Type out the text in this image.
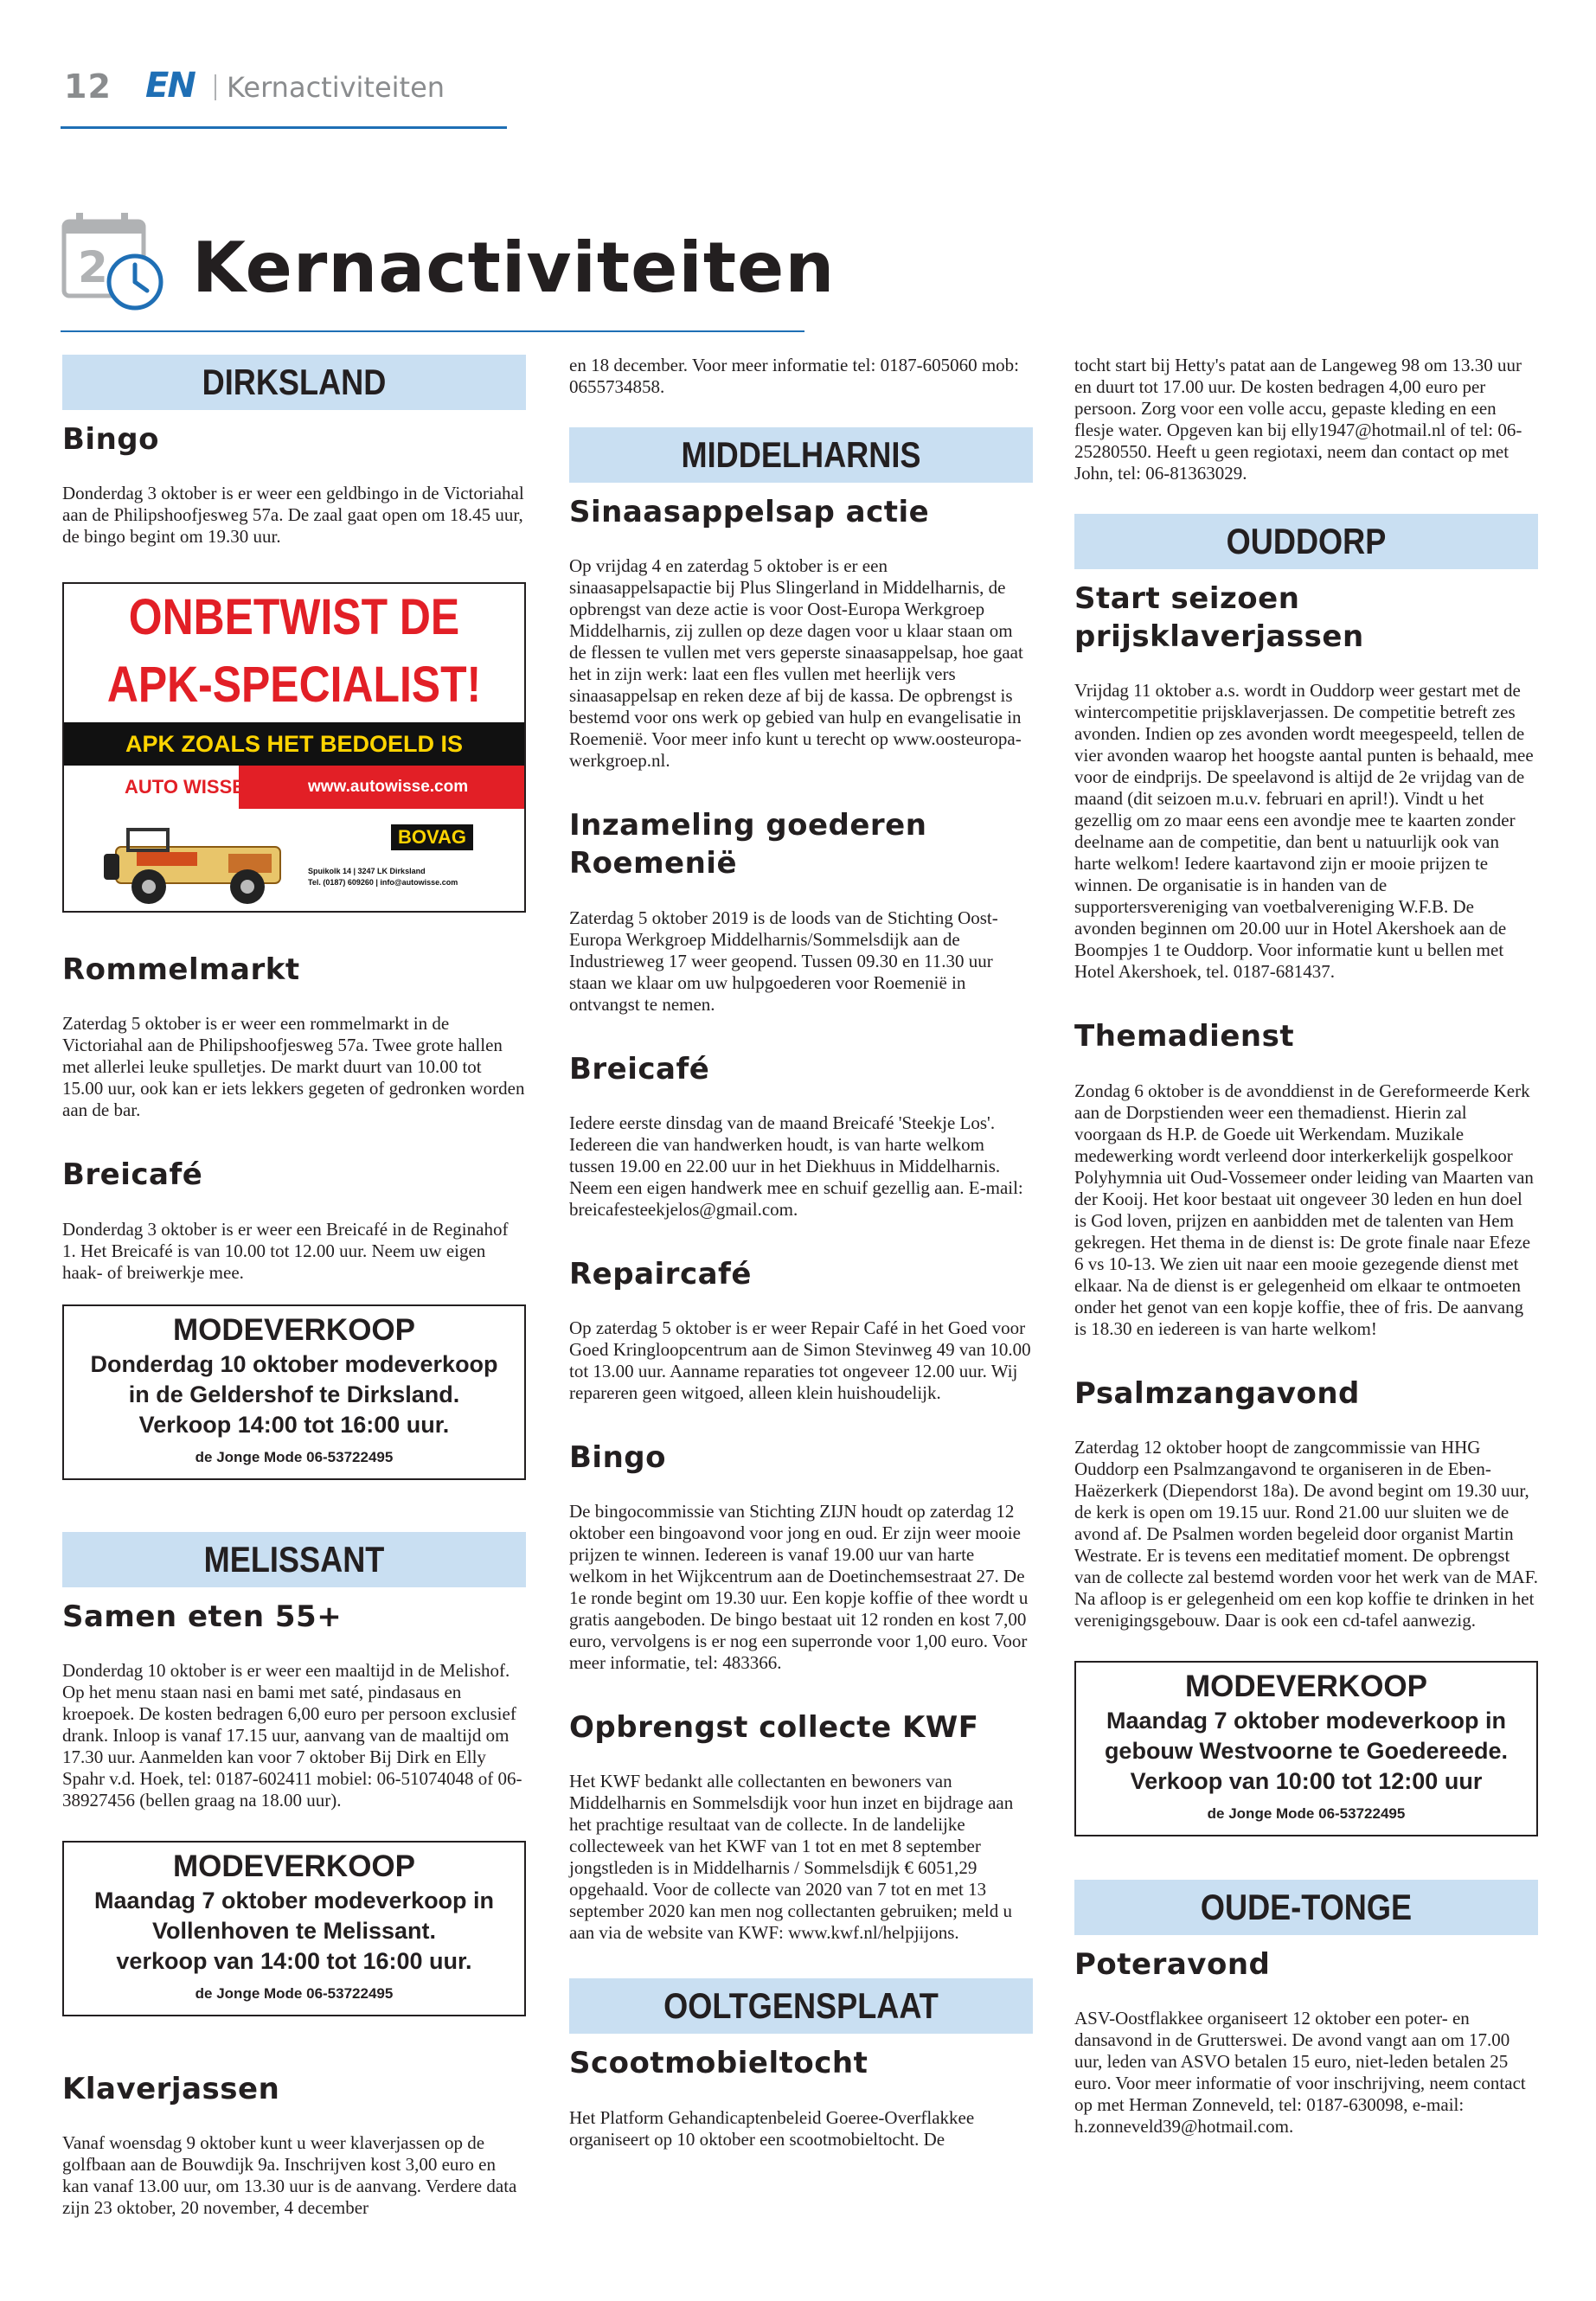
12 EN Kernactiviteiten
2 Kernactiviteiten
DIRKSLAND
Bingo

Donderdag 3 oktober is er weer een geldbingo in de Victoriahal aan de Philipshoofjesweg 57a. De zaal gaat open om 18.45 uur, de bingo begint om 19.30 uur.

ONBETWIST DE
APK-SPECIALIST!
APK ZOALS HET BEDOELD IS
AUTO WISSE	www.autowisse.com
BOVAG
Spuikolk 14 | 3247 LK Dirksland
Tel. (0187) 609260 | info@autowisse.com
Rommelmarkt

Zaterdag 5 oktober is er weer een rommelmarkt in de Victoriahal aan de Philipshoofjesweg 57a. Twee grote hallen met allerlei leuke spulletjes. De markt duurt van 10.00 tot 15.00 uur, ook kan er iets lekkers gegeten of gedronken worden aan de bar.

Breicafé

Donderdag 3 oktober is er weer een Breicafé in de Reginahof 1. Het Breicafé is van 10.00 tot 12.00 uur. Neem uw eigen haak- of breiwerkje mee.

MODEVERKOOP
Donderdag 10 oktober modeverkoop
in de Geldershof te Dirksland.
Verkoop 14:00 tot 16:00 uur.
de Jonge Mode 06-53722495
MELISSANT
Samen eten 55+

Donderdag 10 oktober is er weer een maaltijd in de Melishof. Op het menu staan nasi en bami met saté, pindasaus en kroepoek. De kosten bedragen 6,00 euro per persoon exclusief drank. Inloop is vanaf 17.15 uur, aanvang van de maaltijd om 17.30 uur. Aanmelden kan voor 7 oktober Bij Dirk en Elly Spahr v.d. Hoek, tel: 0187-602411 mobiel: 06-51074048 of 06-38927456 (bellen graag na 18.00 uur).

MODEVERKOOP
Maandag 7 oktober modeverkoop in
Vollenhoven te Melissant.
verkoop van 14:00 tot 16:00 uur.
de Jonge Mode 06-53722495
Klaverjassen

Vanaf woensdag 9 oktober kunt u weer klaverjassen op de golfbaan aan de Bouwdijk 9a. Inschrijven kost 3,00 euro en kan vanaf 13.00 uur, om 13.30 uur is de aanvang. Verdere data zijn 23 oktober, 20 november, 4 december

en 18 december. Voor meer informatie tel: 0187-605060 mob: 0655734858.

MIDDELHARNIS
Sinaasappelsap actie

Op vrijdag 4 en zaterdag 5 oktober is er een sinaasappelsapactie bij Plus Slingerland in Middelharnis, de opbrengst van deze actie is voor Oost-Europa Werkgroep Middelharnis, zij zullen op deze dagen voor u klaar staan om de flessen te vullen met vers geperste sinaasappelsap, hoe gaat het in zijn werk: laat een fles vullen met heerlijk vers sinaasappelsap en reken deze af bij de kassa. De opbrengst is bestemd voor ons werk op gebied van hulp en evangelisatie in Roemenië. Voor meer info kunt u terecht op www.oosteuropa-werkgroep.nl.

Inzameling goederen Roemenië

Zaterdag 5 oktober 2019 is de loods van de Stichting Oost-Europa Werkgroep Middelharnis/Sommelsdijk aan de Industrieweg 17 weer geopend. Tussen 09.30 en 11.30 uur staan we klaar om uw hulpgoederen voor Roemenië in ontvangst te nemen.

Breicafé

Iedere eerste dinsdag van de maand Breicafé 'Steekje Los'. Iedereen die van handwerken houdt, is van harte welkom tussen 19.00 en 22.00 uur in het Diekhuus in Middelharnis. Neem een eigen handwerk mee en schuif gezellig aan. E-mail: breicafesteekjelos@gmail.com.

Repaircafé

Op zaterdag 5 oktober is er weer Repair Café in het Goed voor Goed Kringloopcentrum aan de Simon Stevinweg 49 van 10.00 tot 13.00 uur. Aanname reparaties tot ongeveer 12.00 uur. Wij repareren geen witgoed, alleen klein huishoudelijk.

Bingo

De bingocommissie van Stichting ZIJN houdt op zaterdag 12 oktober een bingoavond voor jong en oud. Er zijn weer mooie prijzen te winnen. Iedereen is vanaf 19.00 uur van harte welkom in het Wijkcentrum aan de Doetinchemsestraat 27. De 1e ronde begint om 19.30 uur. Een kopje koffie of thee wordt u gratis aangeboden. De bingo bestaat uit 12 ronden en kost 7,00 euro, vervolgens is er nog een superronde voor 1,00 euro. Voor meer informatie, tel: 483366.

Opbrengst collecte KWF

Het KWF bedankt alle collectanten en bewoners van Middelharnis en Sommelsdijk voor hun inzet en bijdrage aan het prachtige resultaat van de collecte. In de landelijke collecteweek van het KWF van 1 tot en met 8 september jongstleden is in Middelharnis / Sommelsdijk € 6051,29 opgehaald. Voor de collecte van 2020 van 7 tot en met 13 september 2020 kan men nog collectanten gebruiken; meld u aan via de website van KWF: www.kwf.nl/helpjijons.

OOLTGENSPLAAT
Scootmobieltocht

Het Platform Gehandicaptenbeleid Goeree-Overflakkee organiseert op 10 oktober een scootmobieltocht. De

tocht start bij Hetty's patat aan de Langeweg 98 om 13.30 uur en duurt tot 17.00 uur. De kosten bedragen 4,00 euro per persoon. Zorg voor een volle accu, gepaste kleding en een flesje water. Opgeven kan bij elly1947@hotmail.nl of tel: 06-25280550. Heeft u geen regiotaxi, neem dan contact op met John, tel: 06-81363029.

OUDDORP
Start seizoen prijsklaverjassen

Vrijdag 11 oktober a.s. wordt in Ouddorp weer gestart met de wintercompetitie prijsklaverjassen. De competitie betreft zes avonden. Indien op zes avonden wordt meegespeeld, tellen de vier avonden waarop het hoogste aantal punten is behaald, mee voor de eindprijs. De speelavond is altijd de 2e vrijdag van de maand (dit seizoen m.u.v. februari en april!). Vindt u het gezellig om zo maar eens een avondje mee te kaarten zonder deelname aan de competitie, dan bent u natuurlijk ook van harte welkom! Iedere kaartavond zijn er mooie prijzen te winnen. De organisatie is in handen van de supportersvereniging van voetbalvereniging W.F.B. De avonden beginnen om 20.00 uur in Hotel Akershoek aan de Boompjes 1 te Ouddorp. Voor informatie kunt u bellen met Hotel Akershoek, tel. 0187-681437.

Themadienst

Zondag 6 oktober is de avonddienst in de Gereformeerde Kerk aan de Dorpstienden weer een themadienst. Hierin zal voorgaan ds H.P. de Goede uit Werkendam. Muzikale medewerking wordt verleend door interkerkelijk gospelkoor Polyhymnia uit Oud-Vossemeer onder leiding van Maarten van der Kooij. Het koor bestaat uit ongeveer 30 leden en hun doel is God loven, prijzen en aanbidden met de talenten van Hem gekregen. Het thema in de dienst is: De grote finale naar Efeze 6 vs 10-13. We zien uit naar een mooie gezegende dienst met elkaar. Na de dienst is er gelegenheid om elkaar te ontmoeten onder het genot van een kopje koffie, thee of fris. De aanvang is 18.30 en iedereen is van harte welkom!

Psalmzangavond

Zaterdag 12 oktober hoopt de zangcommissie van HHG Ouddorp een Psalmzangavond te organiseren in de Eben-Haëzerkerk (Diependorst 18a). De avond begint om 19.30 uur, de kerk is open om 19.15 uur. Rond 21.00 uur sluiten we de avond af. De Psalmen worden begeleid door organist Martin Westrate. Er is tevens een meditatief moment. De opbrengst van de collecte zal bestemd worden voor het werk van de MAF. Na afloop is er gelegenheid om een kop koffie te drinken in het verenigingsgebouw. Daar is ook een cd-tafel aanwezig.

MODEVERKOOP
Maandag 7 oktober modeverkoop in
gebouw Westvoorne te Goedereede.
Verkoop van 10:00 tot 12:00 uur
de Jonge Mode 06-53722495
OUDE-TONGE
Poteravond

ASV-Oostflakkee organiseert 12 oktober een poter- en dansavond in de Grutterswei. De avond vangt aan om 17.00 uur, leden van ASVO betalen 15 euro, niet-leden betalen 25 euro. Voor meer informatie of voor inschrijving, neem contact op met Herman Zonneveld, tel: 0187-630098, e-mail: h.zonneveld39@hotmail.com.
